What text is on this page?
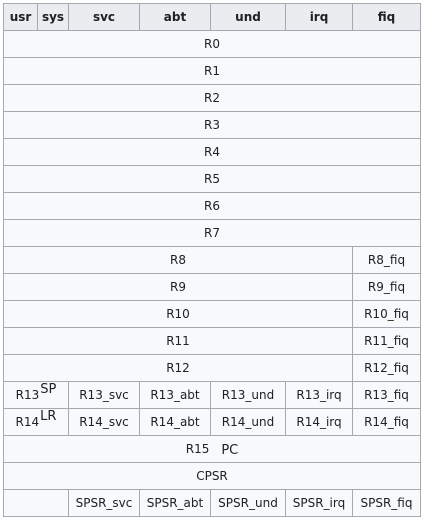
usr	sys	svc	abt	und	irq	fiq
R0						
R1						
R2						
R3						
R4						
R5						
R6						
R7						
R8						R8_fiq
R9						R9_fiq
R10						R10_fiq
R11						R11_fiq
R12						R12_fiq
R13SP		R13_svc	R13_abt	R13_und	R13_irq	R13_fiq
R14LR		R14_svc	R14_abt	R14_und	R14_irq	R14_fiq
R15 PC						
CPSR						
		SPSR_svc	SPSR_abt	SPSR_und	SPSR_irq	SPSR_fiq
